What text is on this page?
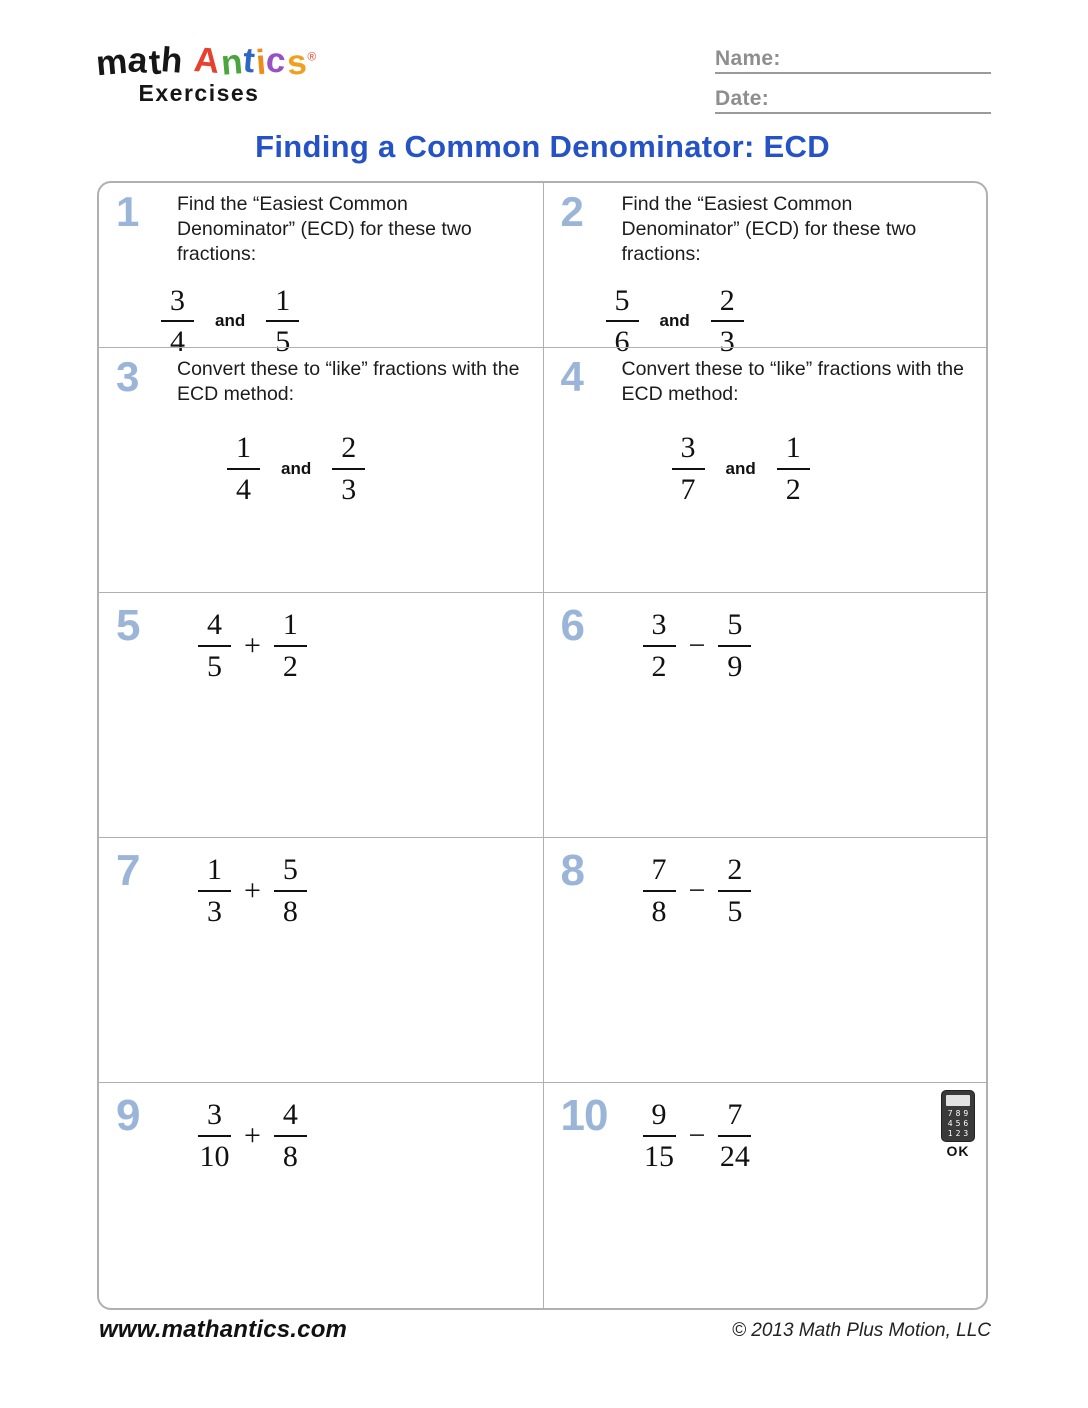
math Antics®
Exercises
Name:
Date:
Finding a Common Denominator: ECD
1	Find the “Easiest Common Denominator” (ECD) for these two fractions:
$\frac{3}{4}$ and $\frac{1}{5}$
2	Find the “Easiest Common Denominator” (ECD) for these two fractions:
$\frac{5}{6}$ and $\frac{2}{3}$
3	Convert these to “like” fractions with the ECD method:
$\frac{1}{4}$ and $\frac{2}{3}$
4	Convert these to “like” fractions with the ECD method:
$\frac{3}{7}$ and $\frac{1}{2}$
5	$\frac{4}{5} + \frac{1}{2}$	6	$\frac{3}{2} - \frac{5}{9}$
7	$\frac{1}{3} + \frac{5}{8}$	8	$\frac{7}{8} - \frac{2}{5}$
9	$\frac{3}{10} + \frac{4}{8}$	10	$\frac{9}{15} - \frac{7}{24}$	789
456
123
OK
www.mathantics.com	© 2013 Math Plus Motion, LLC
